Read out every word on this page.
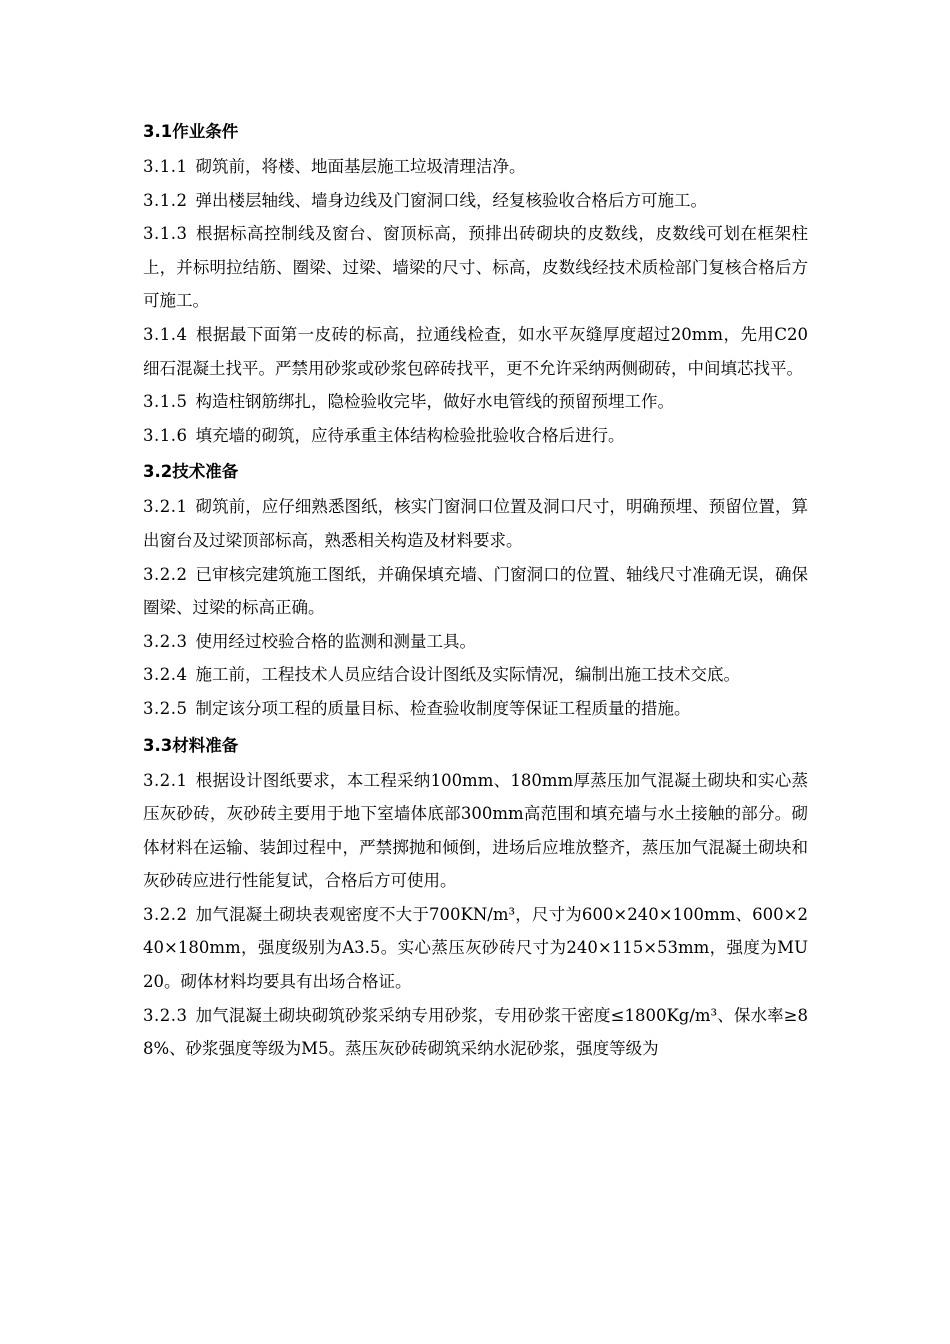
3.1作业条件

3.1.1 砌筑前，将楼、地面基层施工垃圾清理洁净。

3.1.2 弹出楼层轴线、墙身边线及门窗洞口线，经复核验收合格后方可施工。

3.1.3 根据标高控制线及窗台、窗顶标高，预排出砖砌块的皮数线，皮数线可划在框架柱上，并标明拉结筋、圈梁、过梁、墙梁的尺寸、标高，皮数线经技术质检部门复核合格后方可施工。

3.1.4 根据最下面第一皮砖的标高，拉通线检查，如水平灰缝厚度超过20mm，先用C20细石混凝土找平。严禁用砂浆或砂浆包碎砖找平，更不允许采纳两侧砌砖，中间填芯找平。

3.1.5 构造柱钢筋绑扎，隐检验收完毕，做好水电管线的预留预埋工作。

3.1.6 填充墙的砌筑，应待承重主体结构检验批验收合格后进行。

3.2技术准备

3.2.1 砌筑前，应仔细熟悉图纸，核实门窗洞口位置及洞口尺寸，明确预埋、预留位置，算出窗台及过梁顶部标高，熟悉相关构造及材料要求。

3.2.2 已审核完建筑施工图纸，并确保填充墙、门窗洞口的位置、轴线尺寸准确无误，确保圈梁、过梁的标高正确。

3.2.3 使用经过校验合格的监测和测量工具。

3.2.4 施工前，工程技术人员应结合设计图纸及实际情况，编制出施工技术交底。

3.2.5 制定该分项工程的质量目标、检查验收制度等保证工程质量的措施。

3.3材料准备

3.2.1 根据设计图纸要求，本工程采纳100mm、180mm厚蒸压加气混凝土砌块和实心蒸压灰砂砖，灰砂砖主要用于地下室墙体底部300mm高范围和填充墙与水土接触的部分。砌体材料在运输、装卸过程中，严禁掷抛和倾倒，进场后应堆放整齐，蒸压加气混凝土砌块和灰砂砖应进行性能复试，合格后方可使用。

3.2.2 加气混凝土砌块表观密度不大于700KN/m³，尺寸为600×240×100mm、600×240×180mm，强度级别为A3.5。实心蒸压灰砂砖尺寸为240×115×53mm，强度为MU20。砌体材料均要具有出场合格证。

3.2.3 加气混凝土砌块砌筑砂浆采纳专用砂浆，专用砂浆干密度≤1800Kg/m³、保水率≥88%、砂浆强度等级为M5。蒸压灰砂砖砌筑采纳水泥砂浆，强度等级为
